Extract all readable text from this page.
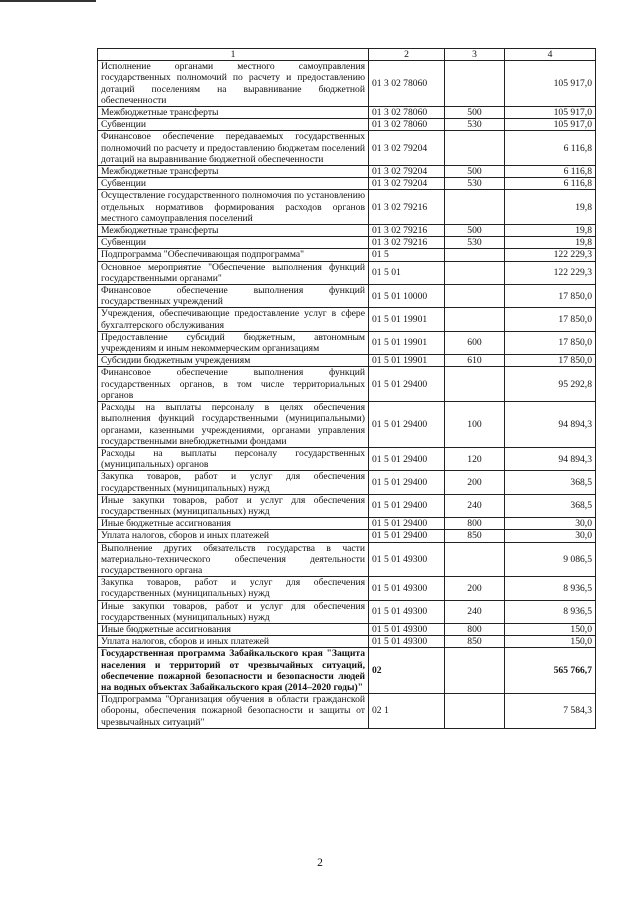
1	2	3	4
Исполнение органами местного самоуправления государственных полномочий по расчету и предоставлению дотаций поселениям на выравнивание бюджетной обеспеченности	01 3 02 78060		105 917,0
Межбюджетные трансферты	01 3 02 78060	500	105 917,0
Субвенции	01 3 02 78060	530	105 917,0
Финансовое обеспечение передаваемых государственных полномочий по расчету и предоставлению бюджетам поселений дотаций на выравнивание бюджетной обеспеченности	01 3 02 79204		6 116,8
Межбюджетные трансферты	01 3 02 79204	500	6 116,8
Субвенции	01 3 02 79204	530	6 116,8
Осуществление государственного полномочия по установлению отдельных нормативов формирования расходов органов местного самоуправления поселений	01 3 02 79216		19,8
Межбюджетные трансферты	01 3 02 79216	500	19,8
Субвенции	01 3 02 79216	530	19,8
Подпрограмма "Обеспечивающая подпрограмма"	01 5		122 229,3
Основное мероприятие "Обеспечение выполнения функций государственными органами"	01 5 01		122 229,3
Финансовое обеспечение выполнения функций государственных учреждений	01 5 01 10000		17 850,0
Учреждения, обеспечивающие предоставление услуг в сфере бухгалтерского обслуживания	01 5 01 19901		17 850,0
Предоставление субсидий бюджетным, автономным учреждениям и иным некоммерческим организациям	01 5 01 19901	600	17 850,0
Субсидии бюджетным учреждениям	01 5 01 19901	610	17 850,0
Финансовое обеспечение выполнения функций государственных органов, в том числе территориальных органов	01 5 01 29400		95 292,8
Расходы на выплаты персоналу в целях обеспечения выполнения функций государственными (муниципальными) органами, казенными учреждениями, органами управления государственными внебюджетными фондами	01 5 01 29400	100	94 894,3
Расходы на выплаты персоналу государственных (муниципальных) органов	01 5 01 29400	120	94 894,3
Закупка товаров, работ и услуг для обеспечения государственных (муниципальных) нужд	01 5 01 29400	200	368,5
Иные закупки товаров, работ и услуг для обеспечения государственных (муниципальных) нужд	01 5 01 29400	240	368,5
Иные бюджетные ассигнования	01 5 01 29400	800	30,0
Уплата налогов, сборов и иных платежей	01 5 01 29400	850	30,0
Выполнение других обязательств государства в части материально-технического обеспечения деятельности государственного органа	01 5 01 49300		9 086,5
Закупка товаров, работ и услуг для обеспечения государственных (муниципальных) нужд	01 5 01 49300	200	8 936,5
Иные закупки товаров, работ и услуг для обеспечения государственных (муниципальных) нужд	01 5 01 49300	240	8 936,5
Иные бюджетные ассигнования	01 5 01 49300	800	150,0
Уплата налогов, сборов и иных платежей	01 5 01 49300	850	150,0
Государственная программа Забайкальского края "Защита населения и территорий от чрезвычайных ситуаций, обеспечение пожарной безопасности и безопасности людей на водных объектах Забайкальского края (2014–2020 годы)"	02		565 766,7
Подпрограмма "Организация обучения в области гражданской обороны, обеспечения пожарной безопасности и защиты от чрезвычайных ситуаций"	02 1		7 584,3
2
